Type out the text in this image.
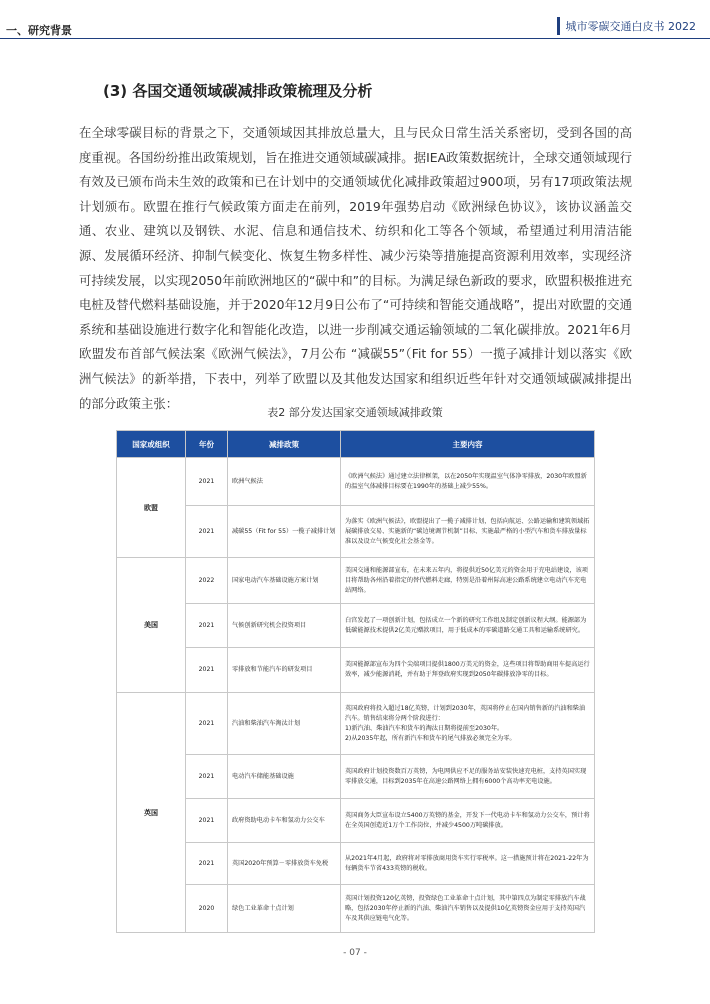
一、研究背景	城市零碳交通白皮书 2022
(3) 各国交通领域碳减排政策梳理及分析

在全球零碳目标的背景之下，交通领域因其排放总量大，且与民众日常生活关系密切，受到各国的高度重视。各国纷纷推出政策规划，旨在推进交通领域碳减排。据IEA政策数据统计，全球交通领域现行有效及已颁布尚未生效的政策和已在计划中的交通领域优化减排政策超过900项，另有17项政策法规计划颁布。欧盟在推行气候政策方面走在前列，2019年强势启动《欧洲绿色协议》，该协议涵盖交通、农业、建筑以及钢铁、水泥、信息和通信技术、纺织和化工等各个领域，希望通过利用清洁能源、发展循环经济、抑制气候变化、恢复生物多样性、减少污染等措施提高资源利用效率，实现经济可持续发展，以实现2050年前欧洲地区的“碳中和”的目标。为满足绿色新政的要求，欧盟积极推进充电桩及替代燃料基础设施，并于2020年12月9日公布了“可持续和智能交通战略”，提出对欧盟的交通系统和基础设施进行数字化和智能化改造，以进一步削减交通运输领域的二氧化碳排放。2021年6月欧盟发布首部气候法案《欧洲气候法》，7月公布 “减碳55”（Fit for 55）一揽子减排计划以落实《欧洲气候法》的新举措，下表中，列举了欧盟以及其他发达国家和组织近些年针对交通领域碳减排提出的部分政策主张：

表2 部分发达国家交通领域减排政策
国家或组织	年份	减排政策	主要内容
欧盟	2021	欧洲气候法	《欧洲气候法》通过建立法律框架，以在2050年实现温室气体净零排放，2030年欧盟新的温室气体减排目标要在1990年的基础上减少55%。
	2021	减碳55（Fit for 55）一揽子减排计划	为落实《欧洲气候法》，欧盟提出了一揽子减排计划，包括向航运、公路运输和建筑领域拓展碳排放交易、实施新的“碳边境调节机制”目标、实施最严格的小型汽车和货车排放量标准以及设立气候变化社会基金等。
美国	2022	国家电动汽车基础设施方案计划	美国交通和能源部宣布，在未来五年内，将提供近50亿美元的资金用于充电站建设，该项目将帮助各州沿着指定的替代燃料走廊，特别是沿着州际高速公路系统建立电动汽车充电站网络。
	2021	气候创新研究机会投资项目	白宫发起了一项创新计划，包括成立一个新的研究工作组及制定创新议程大纲。能源部为低碳能源技术提供2亿美元赠款项目，用于低成本的零碳道路交通工具和运输系统研究。
	2021	零排放和节能汽车的研发项目	美国能源部宣布为四个尖端项目提供1800万美元的资金，这些项目将帮助商用车提高运行效率，减少能源消耗，并有助于拜登政府实现到2050年碳排放净零的目标。
英国	2021	汽油和柴油汽车淘汰计划	英国政府将投入超过18亿英镑，计划到2030年，英国将停止在国内销售新的汽油和柴油汽车。销售结束将分两个阶段进行：
1)新汽油、柴油汽车和货车的淘汰日期将提前至2030年。
2)从2035年起，所有新汽车和货车的尾气排放必须完全为零。
	2021	电动汽车储能基础设施	英国政府计划投资数百万英镑，为电网供应不足的服务站安装快速充电桩，支持英国实现零排放交通，目标到2035年在高速公路网络上拥有6000个高功率充电设施。
	2021	政府资助电动卡车和氢动力公交车	英国商务大臣宣布设立5400万英镑的基金，开发下一代电动卡车和氢动力公交车，预计将在全英国创造近1万个工作岗位，并减少4500万吨碳排放。
	2021	英国2020年预算－零排放货车免税	从2021年4月起，政府将对零排放商用货车实行零税率。这一措施预计将在2021-22年为每辆货车节省433英镑的税收。
	2020	绿色工业革命十点计划	英国计划投资120亿英镑，投资绿色工业革命十点计划，其中第四点为制定零排放汽车战略，包括2030年停止新的汽油、柴油汽车销售以及提供10亿英镑资金应用于支持英国汽车及其供应链电气化等。
- 07 -
